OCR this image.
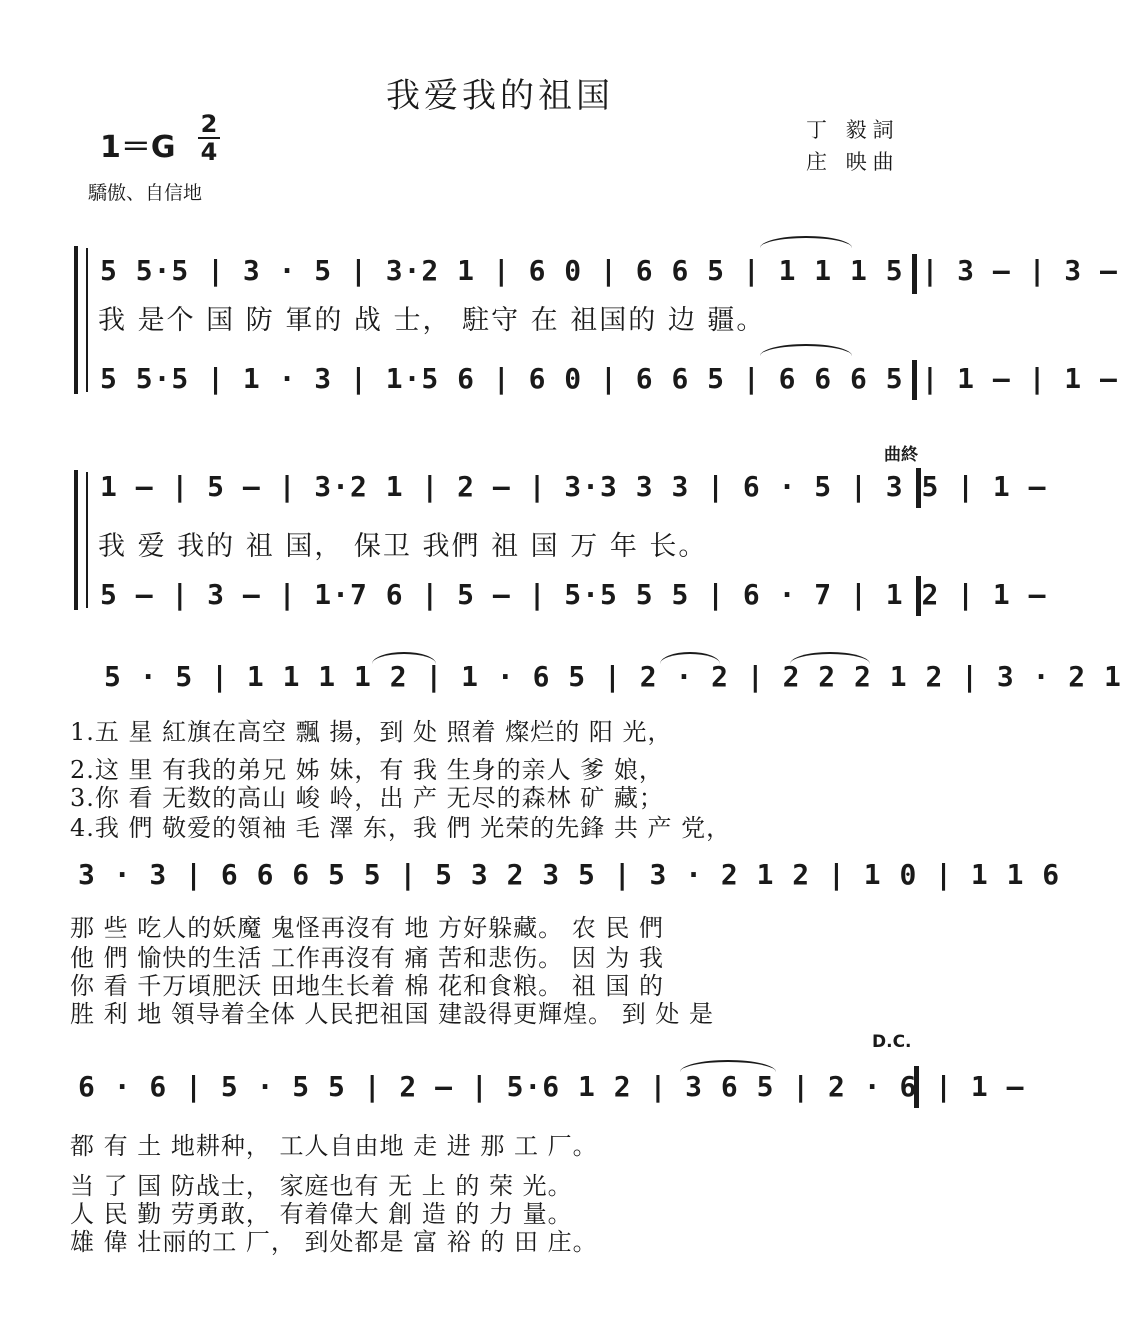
我爱我的祖国
1＝G
2
4
丁 毅詞
庄 映曲
驕傲、自信地
5 5·5 | 3 · 5 | 3·2 1 | 6 0 | 6 6 5 | 1 1 1 5 | 3 — | 3 —
我 是个 国 防 軍的 战 士， 駐守 在 祖国的 边 疆。
5 5·5 | 1 · 3 | 1·5 6 | 6 0 | 6 6 5 | 6 6 6 5 | 1 — | 1 —
曲終
1 — | 5 — | 3·2 1 | 2 — | 3·3 3 3 | 6 · 5 | 3 5 | 1 —
我 爱 我的 祖 国， 保卫 我們 祖 国 万 年 长。
5 — | 3 — | 1·7 6 | 5 — | 5·5 5 5 | 6 · 7 | 1 2 | 1 —
5 · 5 | 1 1 1 1 2 | 1 · 6 5 | 2 · 2 | 2 2 2 1 2 | 3 · 2 1
1.五 星 紅旗在高空 飄 揚，到 处 照着 燦烂的 阳 光，
2.这 里 有我的弟兄 姊 妹，有 我 生身的亲人 爹 娘，
3.你 看 无数的高山 峻 岭，出 产 无尽的森林 矿 藏；
4.我 們 敬爱的領袖 毛 澤 东，我 們 光荣的先鋒 共 产 党，
3 · 3 | 6 6 6 5 5 | 5 3 2 3 5 | 3 · 2 1 2 | 1 0 | 1 1 6
那 些 吃人的妖魔 鬼怪再沒有 地 方好躲藏。 农 民 們
他 們 愉快的生活 工作再沒有 痛 苦和悲伤。 因 为 我
你 看 千万頃肥沃 田地生长着 棉 花和食粮。 祖 国 的
胜 利 地 領导着全体 人民把祖国 建設得更輝煌。 到 处 是
D.C.
6 · 6 | 5 · 5 5 | 2 — | 5·6 1 2 | 3 6 5 | 2 · 6 | 1 —
都 有 土 地耕种， 工人自由地 走 进 那 工 厂。
当 了 国 防战士， 家庭也有 无 上 的 荣 光。
人 民 勤 劳勇敢， 有着偉大 創 造 的 力 量。
雄 偉 壮丽的工 厂， 到处都是 富 裕 的 田 庄。
